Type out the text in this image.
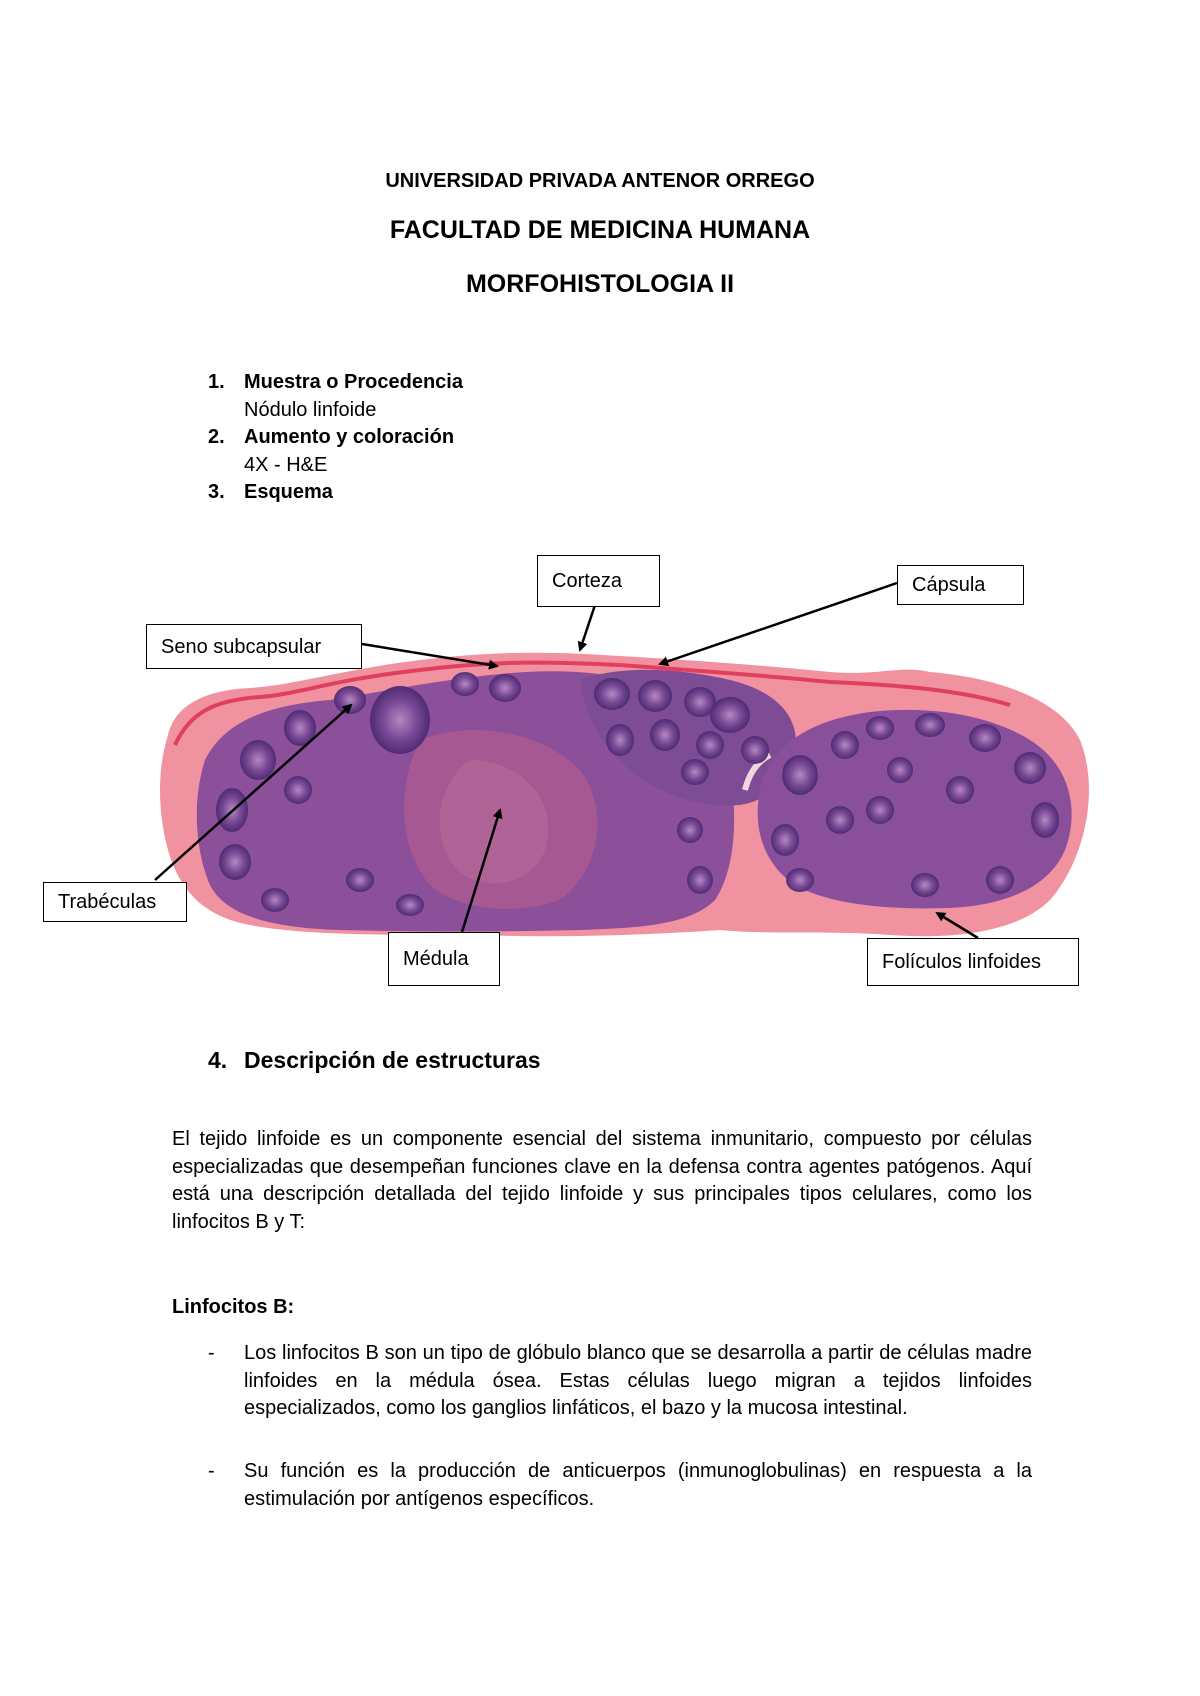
UNIVERSIDAD PRIVADA ANTENOR ORREGO
FACULTAD DE MEDICINA HUMANA
MORFOHISTOLOGIA II
1. Muestra o Procedencia
Nódulo linfoide
2. Aumento y coloración
4X - H&E
3. Esquema
Corteza	Cápsula
Seno subcapsular
Trabéculas
Médula	Folículos linfoides
4. Descripción de estructuras
El tejido linfoide es un componente esencial del sistema inmunitario, compuesto por células especializadas que desempeñan funciones clave en la defensa contra agentes patógenos. Aquí está una descripción detallada del tejido linfoide y sus principales tipos celulares, como los linfocitos B y T:
Linfocitos B:
- Los linfocitos B son un tipo de glóbulo blanco que se desarrolla a partir de células madre linfoides en la médula ósea. Estas células luego migran a tejidos linfoides especializados, como los ganglios linfáticos, el bazo y la mucosa intestinal.
- Su función es la producción de anticuerpos (inmunoglobulinas) en respuesta a la estimulación por antígenos específicos.
